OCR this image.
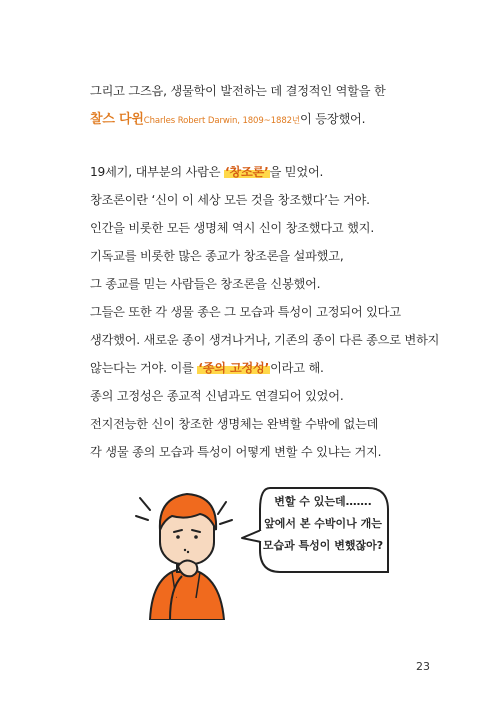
그리고 그즈음, 생물학이 발전하는 데 결정적인 역할을 한
찰스 다윈Charles Robert Darwin, 1809~1882년이 등장했어.
19세기, 대부분의 사람은 ‘창조론’을 믿었어.
창조론이란 ‘신이 이 세상 모든 것을 창조했다’는 거야.
인간을 비롯한 모든 생명체 역시 신이 창조했다고 했지.
기독교를 비롯한 많은 종교가 창조론을 설파했고,
그 종교를 믿는 사람들은 창조론을 신봉했어.
그들은 또한 각 생물 종은 그 모습과 특성이 고정되어 있다고
생각했어. 새로운 종이 생겨나거나, 기존의 종이 다른 종으로 변하지
않는다는 거야. 이를 ‘종의 고정성’이라고 해.
종의 고정성은 종교적 신념과도 연결되어 있었어.
전지전능한 신이 창조한 생명체는 완벽할 수밖에 없는데
각 생물 종의 모습과 특성이 어떻게 변할 수 있냐는 거지.
변할 수 있는데…….
앞에서 본 수박이나 개는
모습과 특성이 변했잖아?
23
